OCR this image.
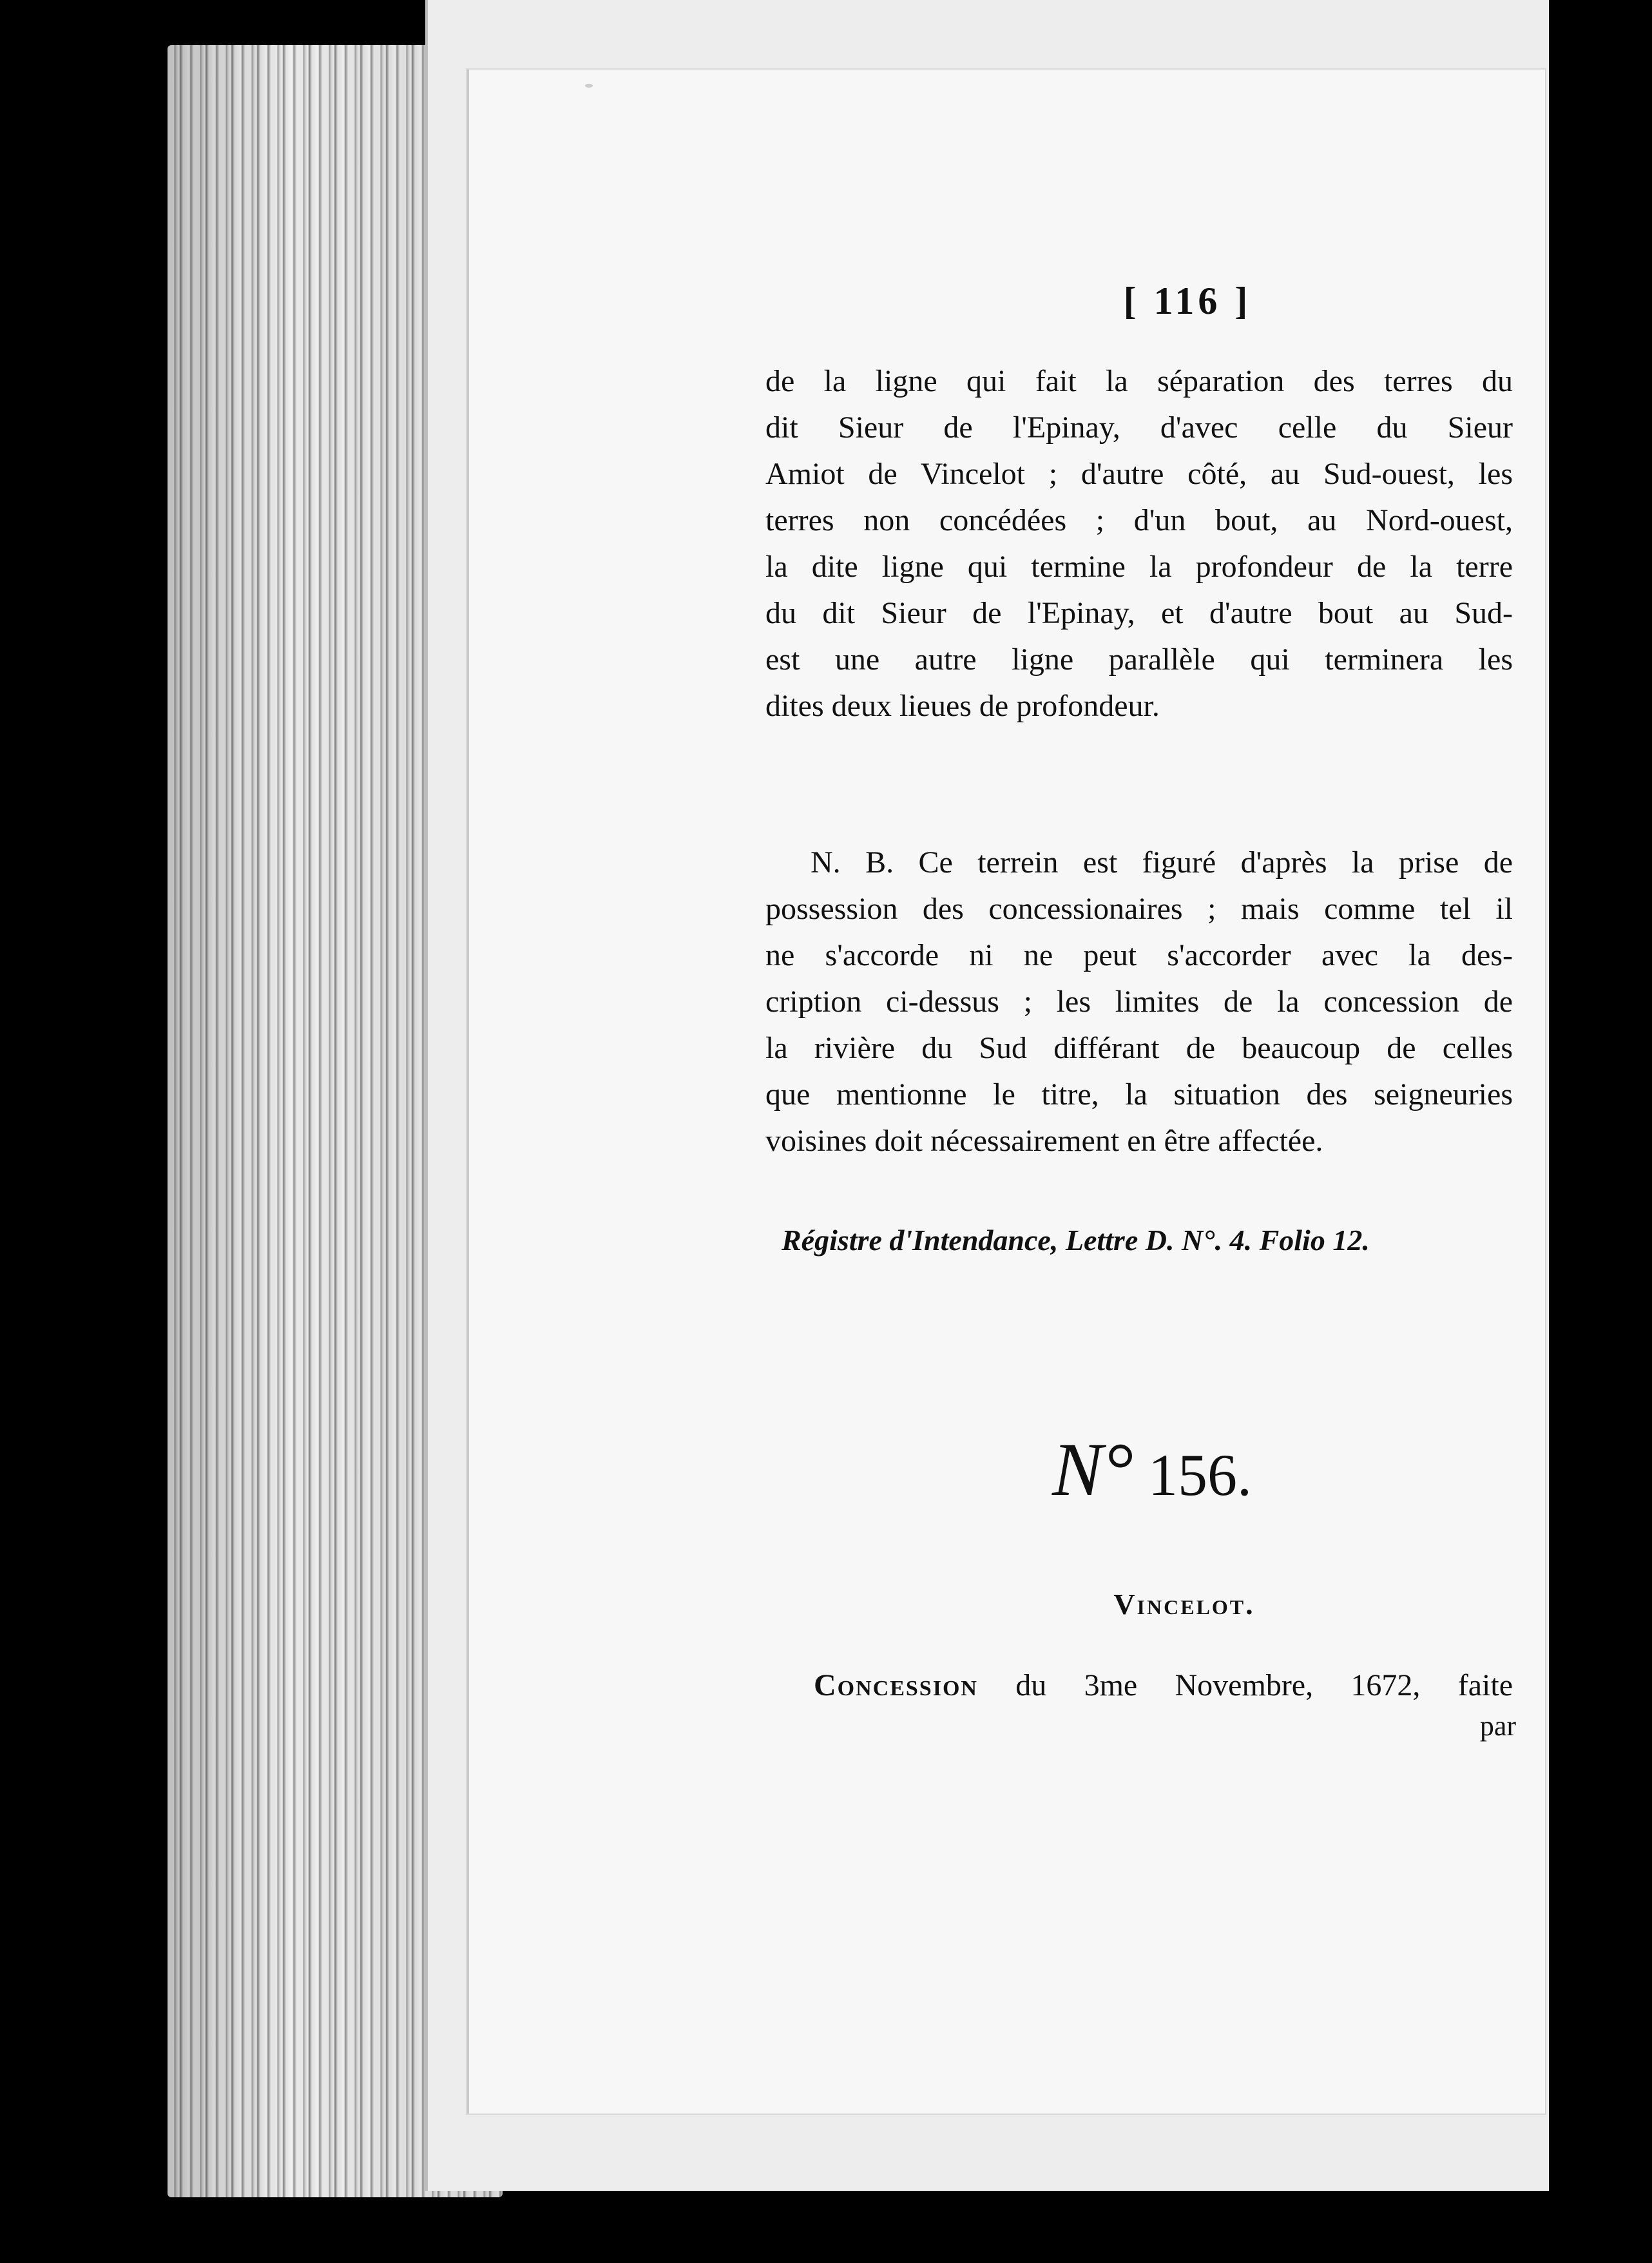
[ 116 ]
de la ligne qui fait la séparation des terres du
dit Sieur de l'Epinay, d'avec celle du Sieur
Amiot de Vincelot ; d'autre côté, au Sud-ouest, les
terres non concédées ; d'un bout, au Nord-ouest,
la dite ligne qui termine la profondeur de la terre
du dit Sieur de l'Epinay, et d'autre bout au Sud-
est une autre ligne parallèle qui terminera les
dites deux lieues de profondeur.
N. B. Ce terrein est figuré d'après la prise de
possession des concessionaires ; mais comme tel il
ne s'accorde ni ne peut s'accorder avec la des-
cription ci-dessus ; les limites de la concession de
la rivière du Sud différant de beaucoup de celles
que mentionne le titre, la situation des seigneuries
voisines doit nécessairement en être affectée.
Régistre d'Intendance, Lettre D. N°. 4. Folio 12.
N° 156.
Vincelot.
Concession du 3me Novembre, 1672, faite
par
